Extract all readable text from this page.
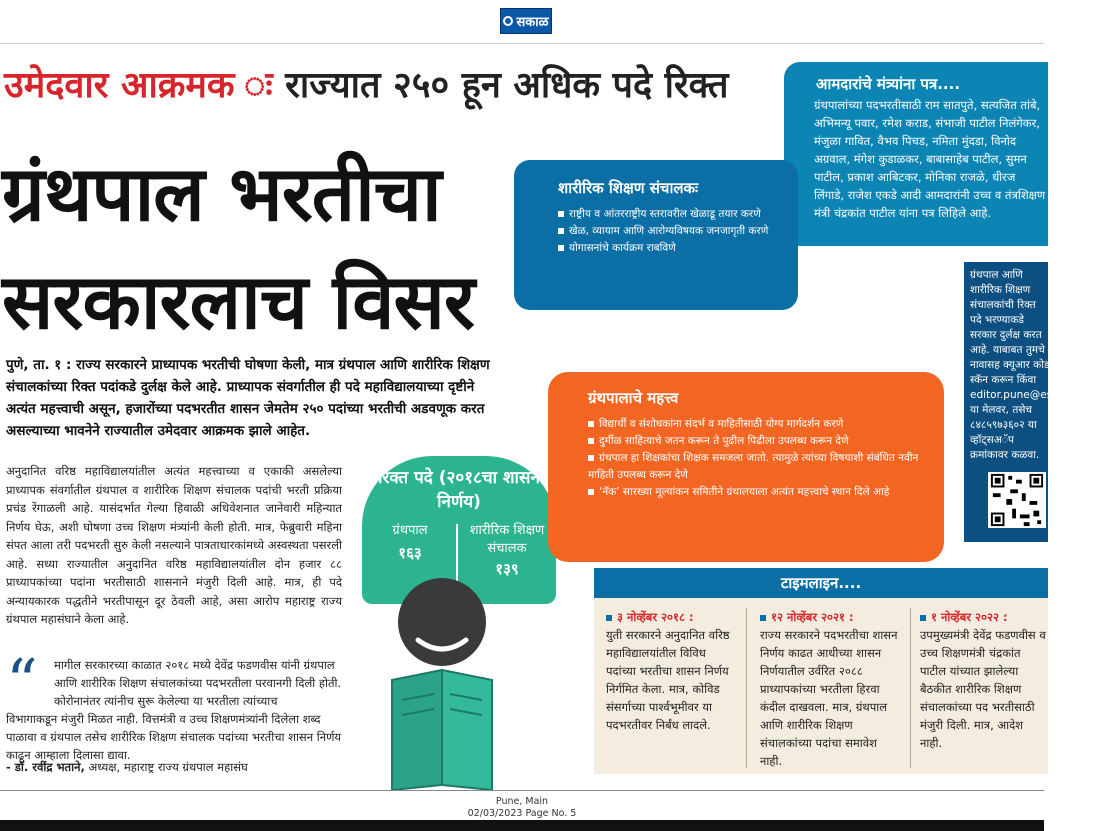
सकाळ
उमेदवार आक्रमक ः राज्यात २५० हून अधिक पदे रिक्त
ग्रंथपाल भरतीचा
सरकारलाच विसर
पुणे, ता. १ : राज्य सरकारने प्राध्यापक भरतीची घोषणा केली, मात्र ग्रंथपाल आणि शारीरिक शिक्षण संचालकांच्या रिक्त पदांकडे दुर्लक्ष केले आहे. प्राध्यापक संवर्गातील ही पदे महाविद्यालयाच्या दृष्टीने अत्यंत महत्त्वाची असून, हजारोंच्या पदभरतीत शासन जेमतेम २५० पदांच्या भरतीची अडवणूक करत असल्याच्या भावनेने राज्यातील उमेदवार आक्रमक झाले आहेत.
अनुदानित वरिष्ठ महाविद्यालयांतील अत्यंत महत्त्वाच्या व एकाकी असलेल्या प्राध्यापक संवर्गातील ग्रंथपाल व शारीरिक शिक्षण संचालक पदांची भरती प्रक्रिया प्रचंड रेंगाळली आहे. यासंदर्भात गेल्या हिवाळी अधिवेशनात जानेवारी महिन्यात निर्णय घेऊ, अशी घोषणा उच्च शिक्षण मंत्र्यांनी केली होती. मात्र, फेब्रुवारी महिना संपत आला तरी पदभरती सुरु केली नसल्याने पात्रताधारकांमध्ये अस्वस्थता पसरली आहे. सध्या राज्यातील अनुदानित वरिष्ठ महाविद्यालयांतील दोन हजार ८८ प्राध्यापकांच्या पदांना भरतीसाठी शासनाने मंजुरी दिली आहे. मात्र, ही पदे अन्यायकारक पद्धतीने भरतीपासून दूर ठेवली आहे, असा आरोप महाराष्ट्र राज्य ग्रंथपाल महासंघाने केला आहे.
“ मागील सरकारच्या काळात २०१८ मध्ये देवेंद्र फडणवीस यांनी ग्रंथपाल आणि शारीरिक शिक्षण संचालकांच्या पदभरतीला परवानगी दिली होती. कोरोनानंतर त्यांनीच सुरू केलेल्या या भरतीला त्यांच्याच
विभागाकडून मंजुरी मिळत नाही. वित्तमंत्री व उच्च शिक्षणमंत्र्यांनी दिलेला शब्द पाळावा व ग्रंथपाल तसेच शारीरिक शिक्षण संचालक पदांच्या भरतीचा शासन निर्णय काढून आम्हाला दिलासा द्यावा.
- डॉ. रवींद्र भताने, अध्यक्ष, महाराष्ट्र राज्य ग्रंथपाल महासंघ
रिक्त पदे (२०१८चा शासन निर्णय)
ग्रंथपाल
१६३
शारीरिक शिक्षण संचालक
१३९
आमदारांचे मंत्र्यांना पत्र....

ग्रंथपालांच्या पदभरतीसाठी राम सातपुते, सत्यजित तांबे, अभिमन्यू पवार, रमेश कराड, संभाजी पाटील निलंगेकर, मंजुळा गावित, वैभव पिचड, नमिता मुंदडा, विनोद अग्रवाल, मंगेश कुडाळकर, बाबासाहेब पाटील, सुमन पाटील, प्रकाश आबिटकर, मोनिका राजळे, धीरज लिंगाडे, राजेश एकडे आदी आमदारांनी उच्च व तंत्रशिक्षण मंत्री चंद्रकांत पाटील यांना पत्र लिहिले आहे.

शारीरिक शिक्षण संचालकः
राष्ट्रीय व आंतरराष्ट्रीय स्तरावरील खेळाडू तयार करणे
खेळ, व्यायाम आणि आरोग्यविषयक जनजागृती करणे
योगासनांचे कार्यक्रम राबविणे

ग्रंथपाल आणि शारीरिक शिक्षण संचालकांची रिक्त पदे भरण्याकडे सरकार दुर्लक्ष करत आहे. याबाबत तुमचे नावासह क्यूआर कोड स्कॅन करून किंवा editor.pune@esakal.com या मेलवर, तसेच ८४८५९७३६०२ या व्हॉट्सअॅप क्रमांकावर कळवा.

ग्रंथपालाचे महत्त्व
विद्यार्थी व संशोधकांना संदर्भ व माहितीसाठी योग्य मार्गदर्शन करणे
दुर्मीळ साहित्याचे जतन करून ते पुढील पिढीला उपलब्ध करून देणे
ग्रंथपाल हा शिक्षकांचा शिक्षक समजला जातो. त्यामुळे त्यांच्या विषयाशी संबंधित नवीन माहिती उपलब्ध करून देणे
‘नॅक’ सारख्या मूल्यांकन समितीने ग्रंथालयाला अत्यंत महत्त्वाचे स्थान दिले आहे
टाइमलाइन....
३ नोव्हेंबर २०१८ :
युती सरकारने अनुदानित वरिष्ठ महाविद्यालयांतील विविध पदांच्या भरतीचा शासन निर्णय निर्गमित केला. मात्र, कोविड संसर्गाच्या पार्श्वभूमीवर या पदभरतीवर निर्बंध लादले.
१२ नोव्हेंबर २०२१ :
राज्य सरकारने पदभरतीचा शासन निर्णय काढत आधीच्या शासन निर्णयातील उर्वरित २०८८ प्राध्यापकांच्या भरतीला हिरवा कंदील दाखवला. मात्र, ग्रंथपाल आणि शारीरिक शिक्षण संचालकांच्या पदांचा समावेश नाही.
१ नोव्हेंबर २०२२ :
उपमुख्यमंत्री देवेंद्र फडणवीस व उच्च शिक्षणमंत्री चंद्रकांत पाटील यांच्यात झालेल्या बैठकीत शारीरिक शिक्षण संचालकांच्या पद भरतीसाठी मंजुरी दिली. मात्र, आदेश नाही.
Pune, Main
02/03/2023 Page No. 5
